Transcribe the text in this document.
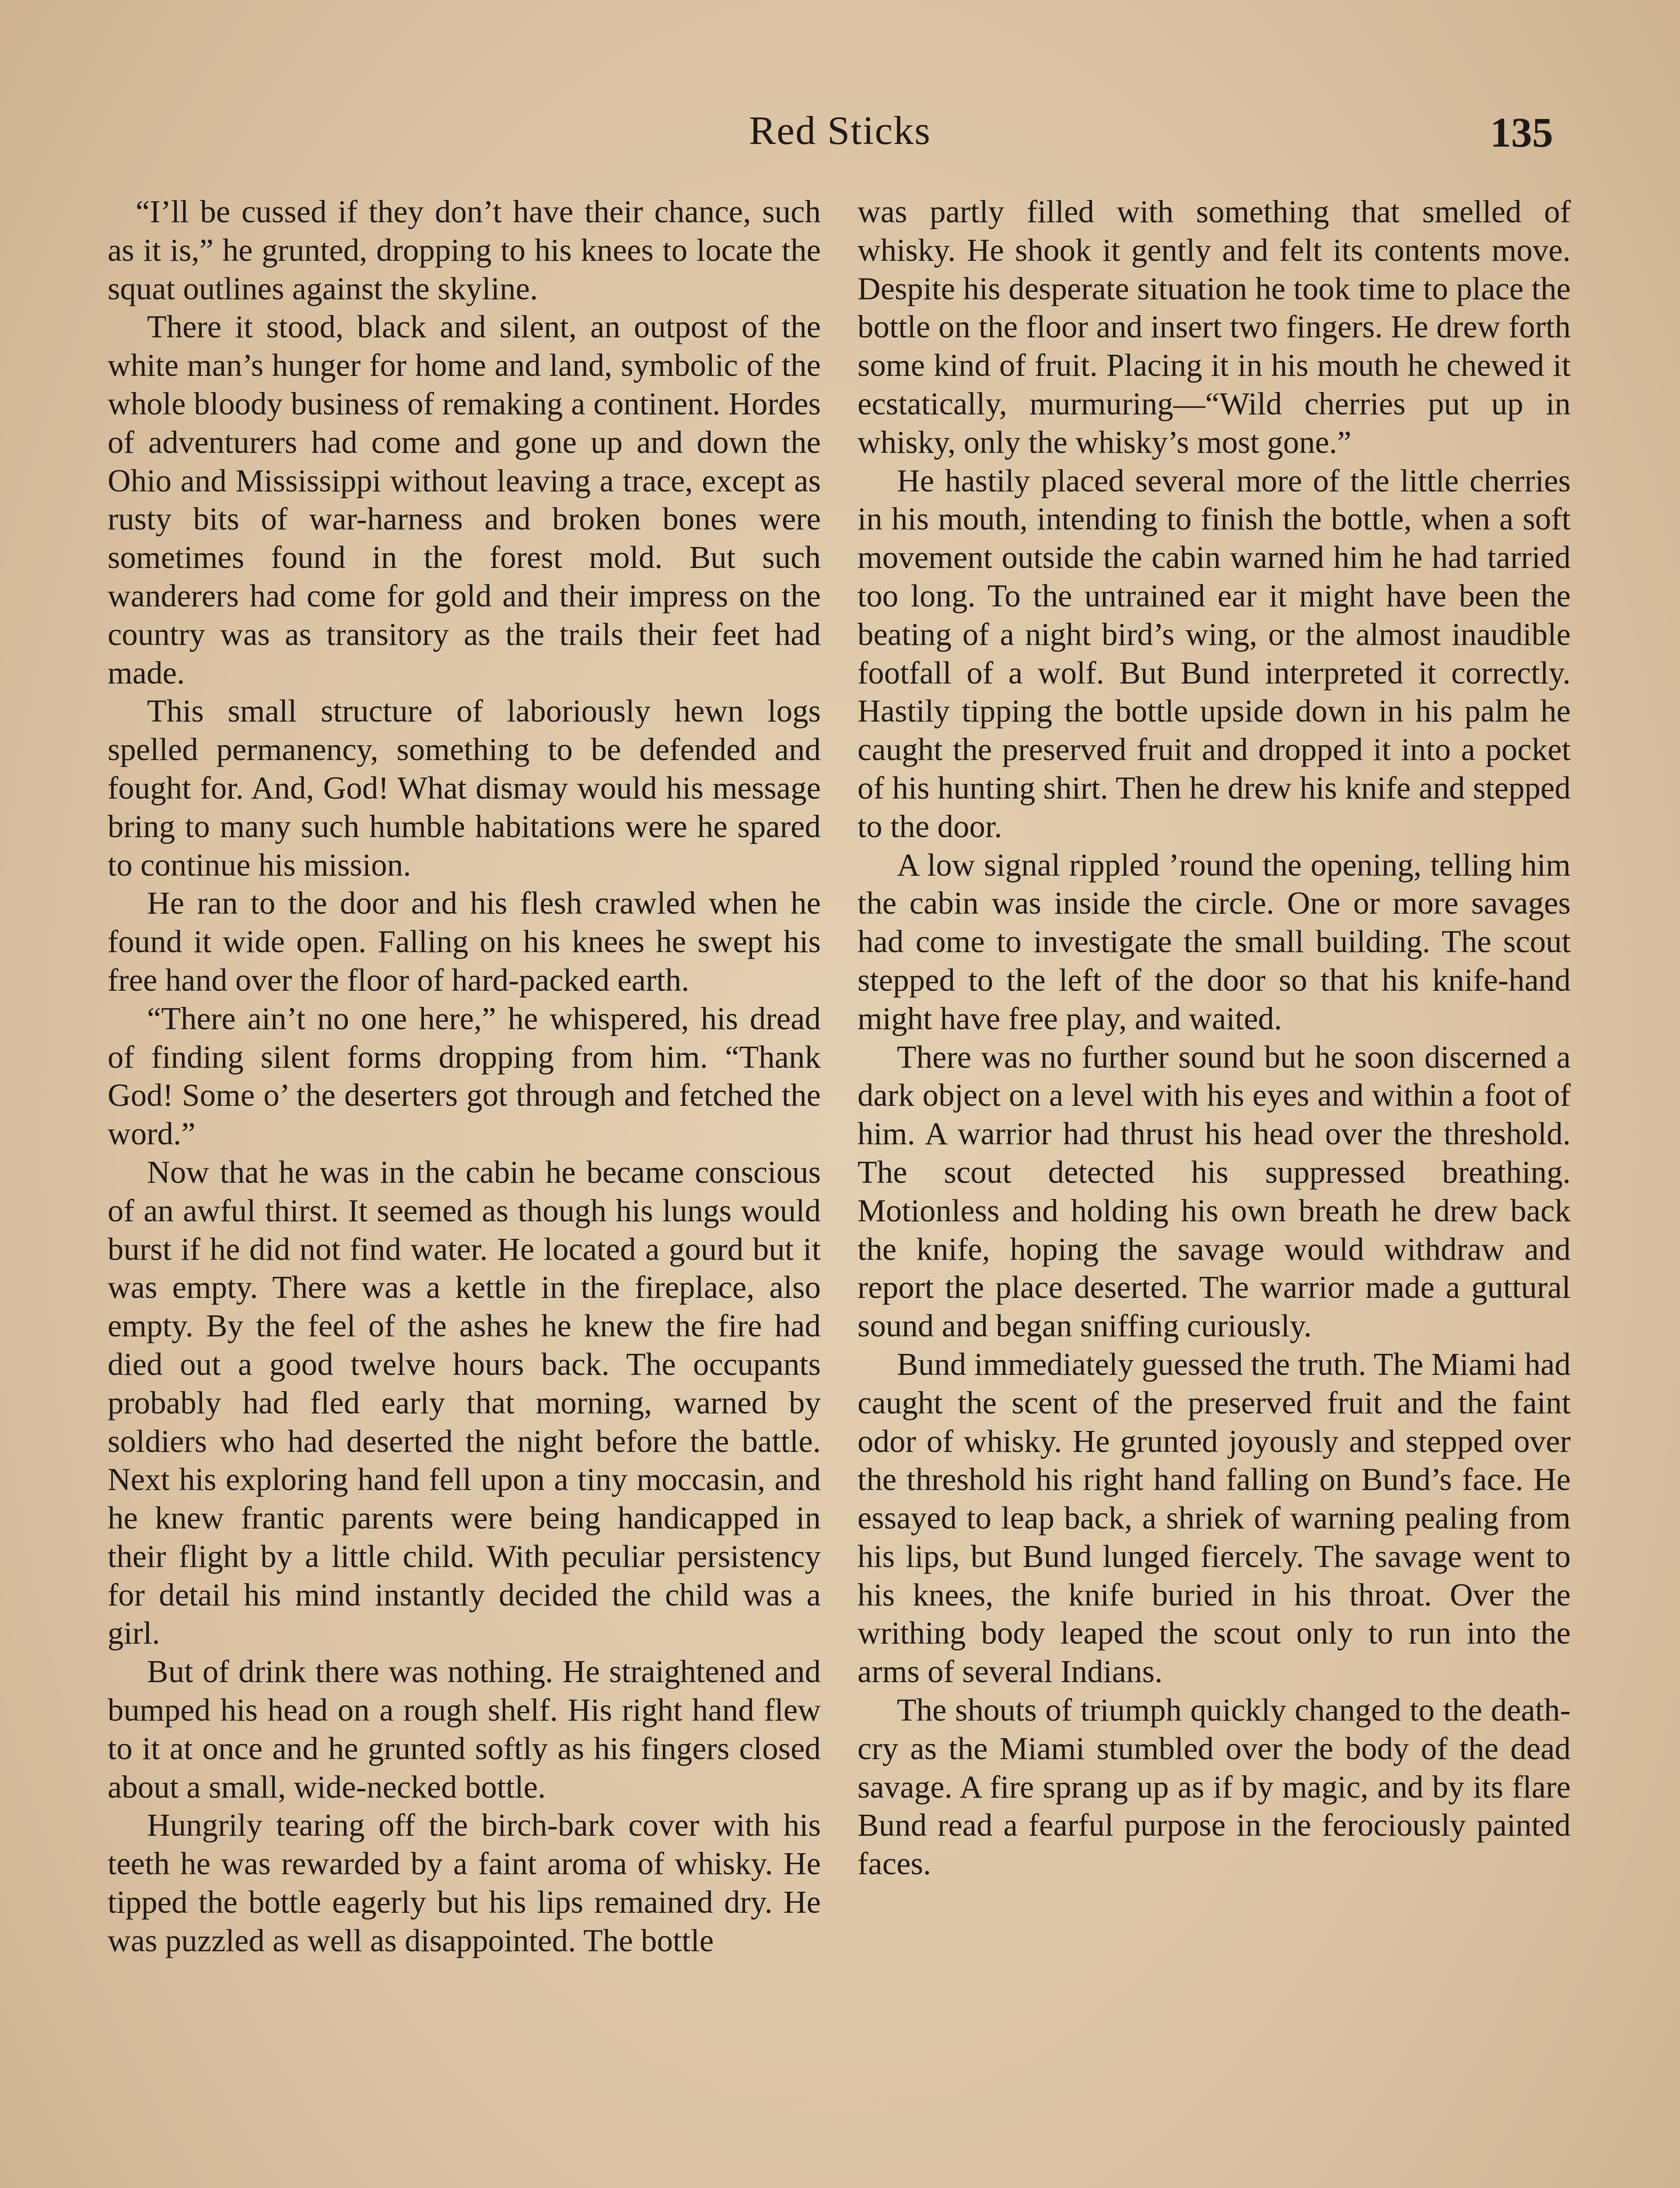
Red Sticks	135

“I’ll be cussed if they don’t have their chance, such as it is,” he grunted, dropping to his knees to locate the squat outlines against the skyline.

There it stood, black and silent, an outpost of the white man’s hunger for home and land, symbolic of the whole bloody business of remaking a continent. Hordes of adventurers had come and gone up and down the Ohio and Mississippi without leaving a trace, except as rusty bits of war-harness and broken bones were sometimes found in the forest mold. But such wanderers had come for gold and their impress on the country was as transitory as the trails their feet had made.

This small structure of laboriously hewn logs spelled permanency, something to be defended and fought for. And, God! What dismay would his message bring to many such humble habitations were he spared to continue his mission.

He ran to the door and his flesh crawled when he found it wide open. Falling on his knees he swept his free hand over the floor of hard-packed earth.

“There ain’t no one here,” he whispered, his dread of finding silent forms dropping from him. “Thank God! Some o’ the deserters got through and fetched the word.”

Now that he was in the cabin he became conscious of an awful thirst. It seemed as though his lungs would burst if he did not find water. He located a gourd but it was empty. There was a kettle in the fireplace, also empty. By the feel of the ashes he knew the fire had died out a good twelve hours back. The occupants probably had fled early that morning, warned by soldiers who had deserted the night before the battle. Next his exploring hand fell upon a tiny moccasin, and he knew frantic parents were being handicapped in their flight by a little child. With peculiar persistency for detail his mind instantly decided the child was a girl.

But of drink there was nothing. He straightened and bumped his head on a rough shelf. His right hand flew to it at once and he grunted softly as his fingers closed about a small, wide-necked bottle.

Hungrily tearing off the birch-bark cover with his teeth he was rewarded by a faint aroma of whisky. He tipped the bottle eagerly but his lips remained dry. He was puzzled as well as disappointed. The bottle

was partly filled with something that smelled of whisky. He shook it gently and felt its contents move. Despite his desperate situation he took time to place the bottle on the floor and insert two fingers. He drew forth some kind of fruit. Placing it in his mouth he chewed it ecstatically, murmuring—“Wild cherries put up in whisky, only the whisky’s most gone.”

He hastily placed several more of the little cherries in his mouth, intending to finish the bottle, when a soft movement outside the cabin warned him he had tarried too long. To the untrained ear it might have been the beating of a night bird’s wing, or the almost inaudible footfall of a wolf. But Bund interpreted it correctly. Hastily tipping the bottle upside down in his palm he caught the preserved fruit and dropped it into a pocket of his hunting shirt. Then he drew his knife and stepped to the door.

A low signal rippled ’round the opening, telling him the cabin was inside the circle. One or more savages had come to investigate the small building. The scout stepped to the left of the door so that his knife-hand might have free play, and waited.

There was no further sound but he soon discerned a dark object on a level with his eyes and within a foot of him. A warrior had thrust his head over the threshold. The scout detected his suppressed breathing. Motionless and holding his own breath he drew back the knife, hoping the savage would withdraw and report the place deserted. The warrior made a guttural sound and began sniffing curiously.

Bund immediately guessed the truth. The Miami had caught the scent of the preserved fruit and the faint odor of whisky. He grunted joyously and stepped over the threshold his right hand falling on Bund’s face. He essayed to leap back, a shriek of warning pealing from his lips, but Bund lunged fiercely. The savage went to his knees, the knife buried in his throat. Over the writhing body leaped the scout only to run into the arms of several Indians.

The shouts of triumph quickly changed to the death-cry as the Miami stumbled over the body of the dead savage. A fire sprang up as if by magic, and by its flare Bund read a fearful purpose in the ferociously painted faces.
